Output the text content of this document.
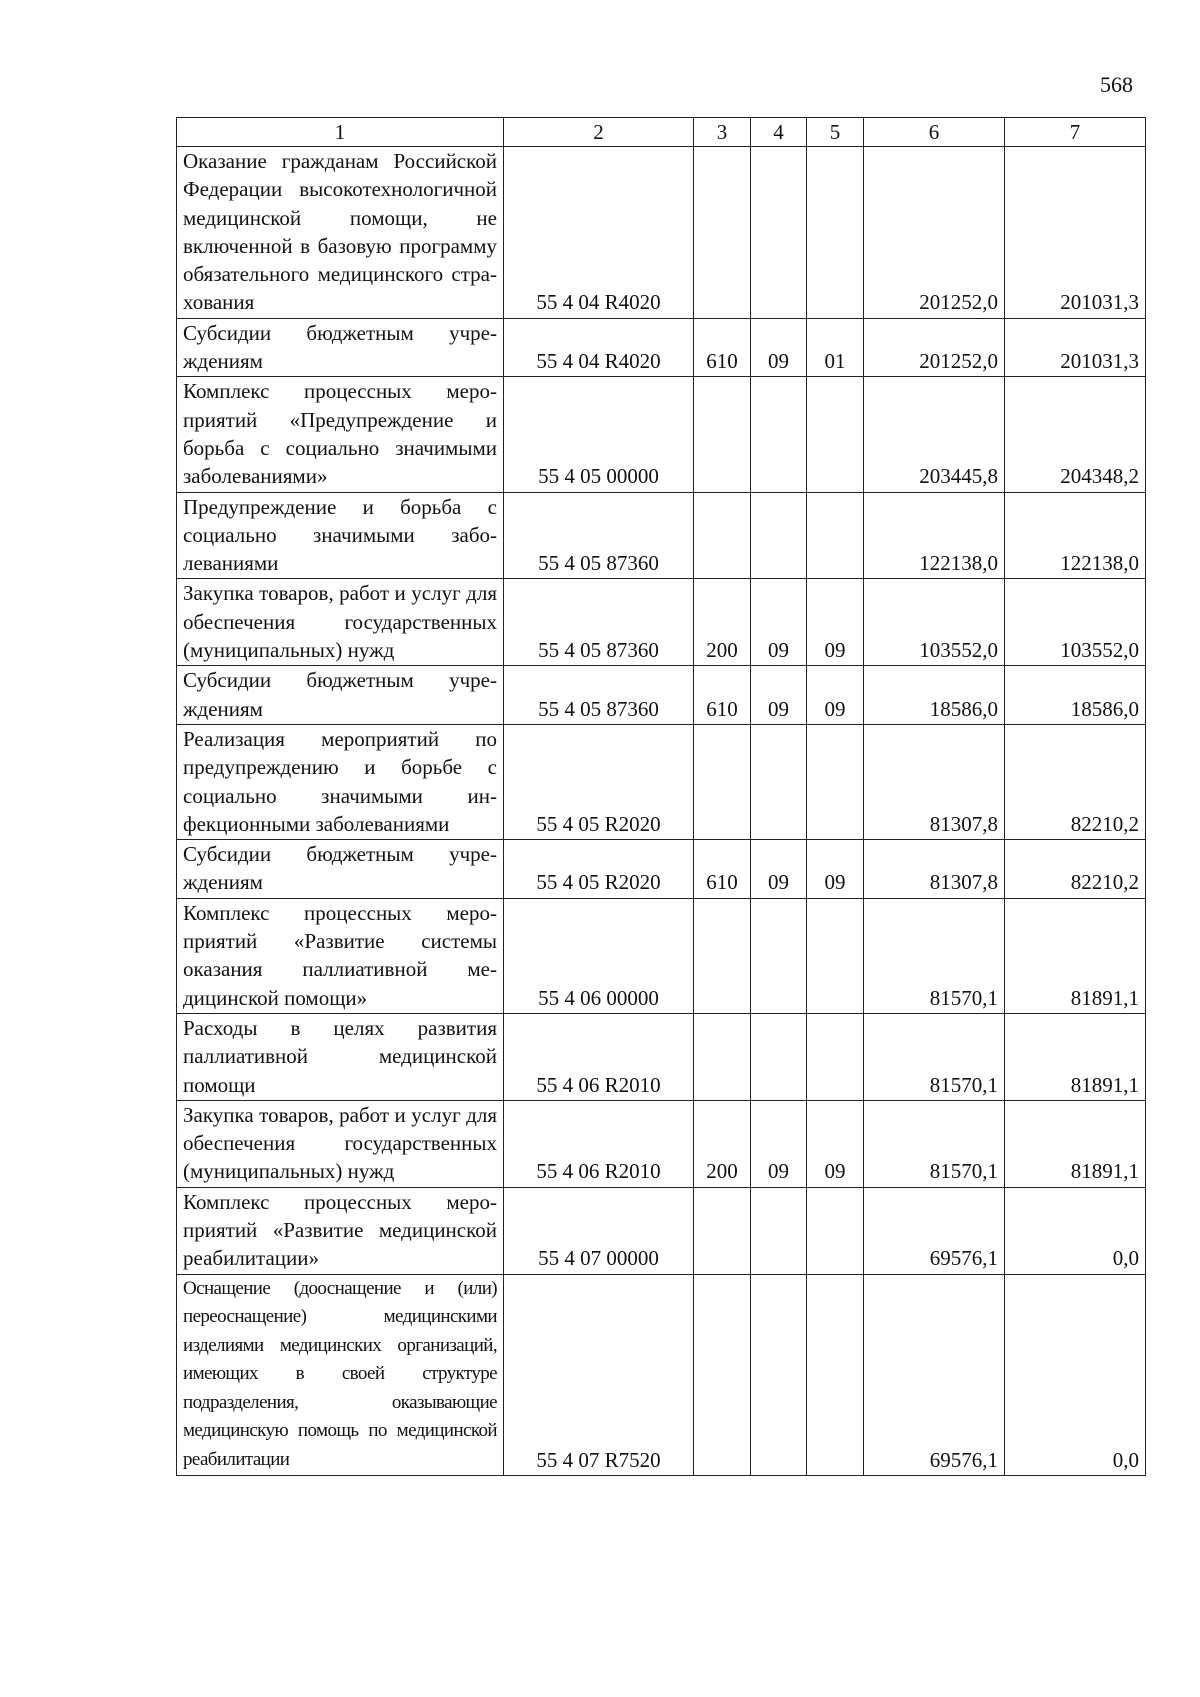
568
1	2	3	4	5	6	7
Оказание гражданам Российской Федерации высокотехнологичной медицинской помощи, не включенной в базовую программу обязательного медицинского страхования	55 4 04 R4020				201252,0	201031,3
Субсидии бюджетным учреждениям	55 4 04 R4020	610	09	01	201252,0	201031,3
Комплекс процессных мероприятий «Предупреждение и борьба с социально значимыми заболеваниями»	55 4 05 00000				203445,8	204348,2
Предупреждение и борьба с социально значимыми заболеваниями	55 4 05 87360				122138,0	122138,0
Закупка товаров, работ и услуг для обеспечения государственных (муниципальных) нужд	55 4 05 87360	200	09	09	103552,0	103552,0
Субсидии бюджетным учреждениям	55 4 05 87360	610	09	09	18586,0	18586,0
Реализация мероприятий по предупреждению и борьбе с социально значимыми инфекционными заболеваниями	55 4 05 R2020				81307,8	82210,2
Субсидии бюджетным учреждениям	55 4 05 R2020	610	09	09	81307,8	82210,2
Комплекс процессных мероприятий «Развитие системы оказания паллиативной медицинской помощи»	55 4 06 00000				81570,1	81891,1
Расходы в целях развития паллиативной медицинской помощи	55 4 06 R2010				81570,1	81891,1
Закупка товаров, работ и услуг для обеспечения государственных (муниципальных) нужд	55 4 06 R2010	200	09	09	81570,1	81891,1
Комплекс процессных мероприятий «Развитие медицинской реабилитации»	55 4 07 00000				69576,1	0,0
Оснащение (дооснащение и (или) переоснащение) медицинскими изделиями медицинских организаций, имеющих в своей структуре подразделения, оказывающие медицинскую помощь по медицинской реабилитации	55 4 07 R7520				69576,1	0,0
